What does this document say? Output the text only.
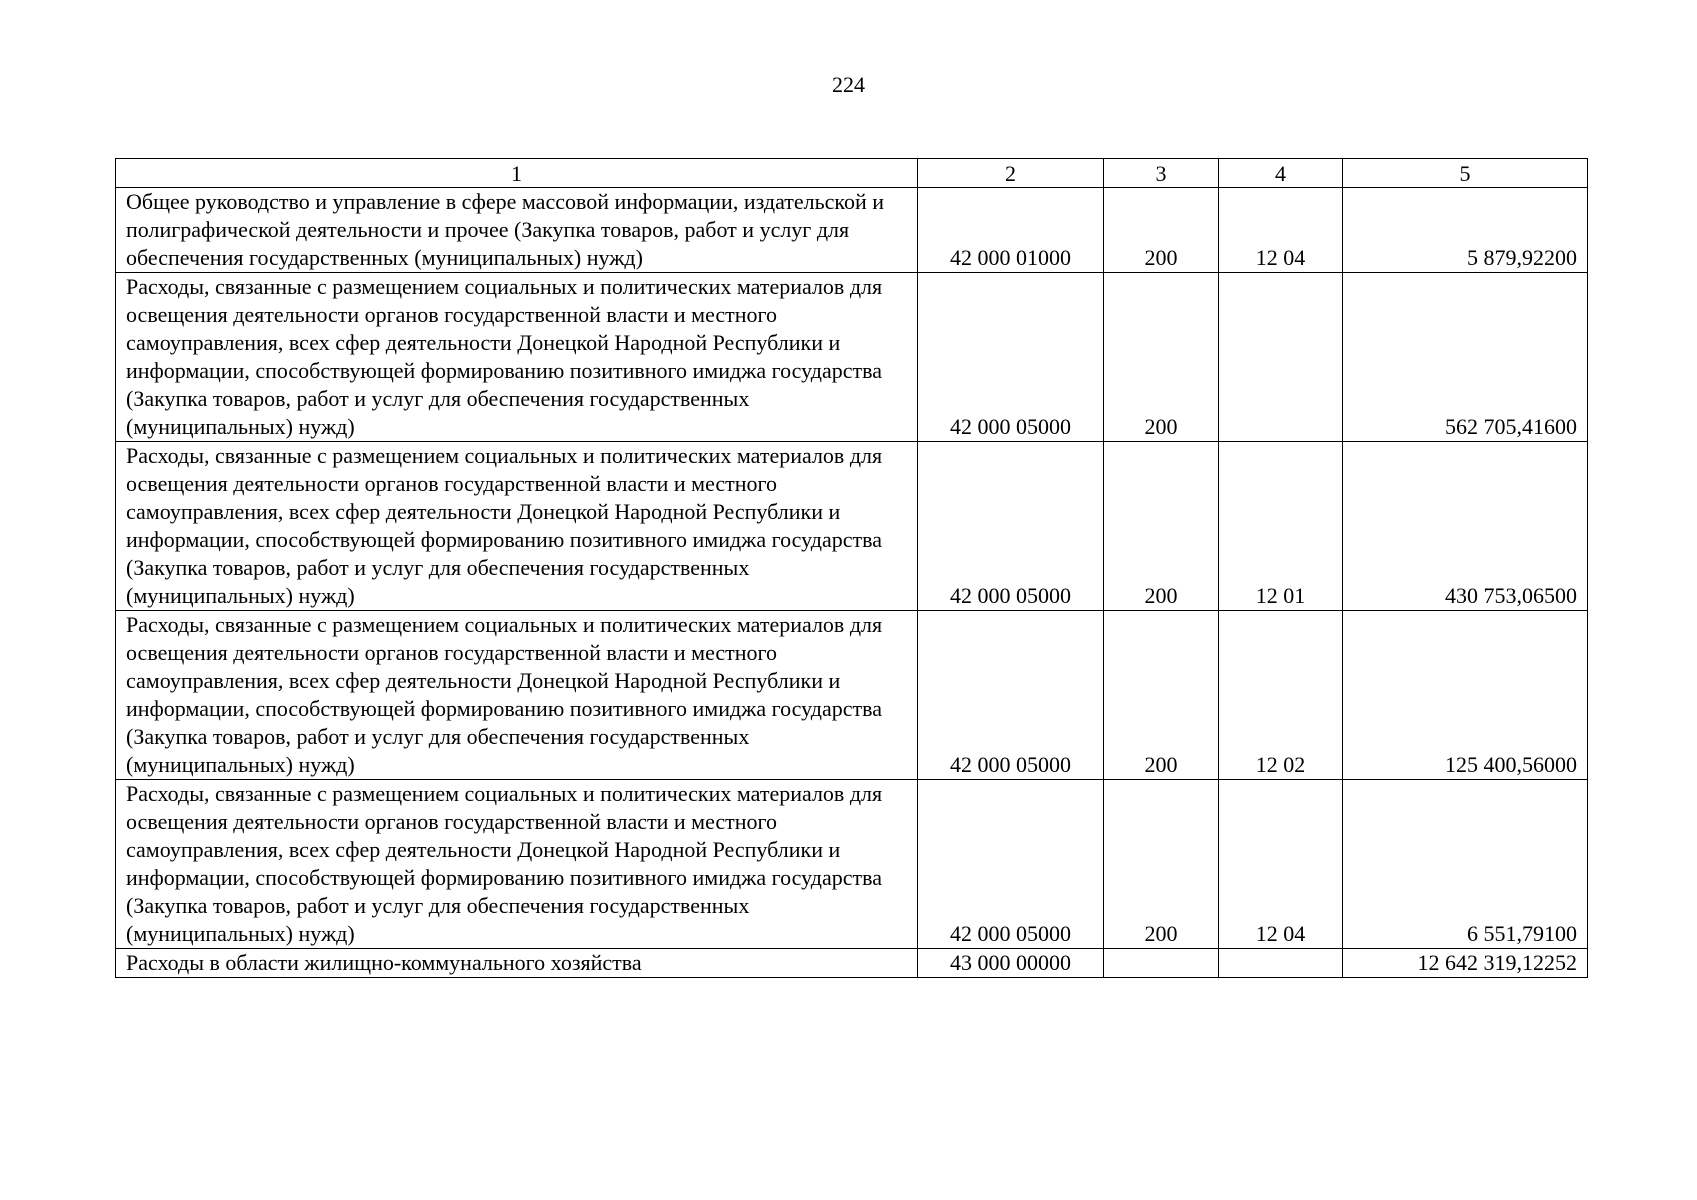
224
1	2	3	4	5
Общее руководство и управление в сфере массовой информации, издательской и полиграфической деятельности и прочее (Закупка товаров, работ и услуг для обеспечения государственных (муниципальных) нужд)	42 000 01000	200	12 04	5 879,92200
Расходы, связанные с размещением социальных и политических материалов для освещения деятельности органов государственной власти и местного самоуправления, всех сфер деятельности Донецкой Народной Республики и информации, способствующей формированию позитивного имиджа государства (Закупка товаров, работ и услуг для обеспечения государственных (муниципальных) нужд)	42 000 05000	200		562 705,41600
Расходы, связанные с размещением социальных и политических материалов для освещения деятельности органов государственной власти и местного самоуправления, всех сфер деятельности Донецкой Народной Республики и информации, способствующей формированию позитивного имиджа государства (Закупка товаров, работ и услуг для обеспечения государственных (муниципальных) нужд)	42 000 05000	200	12 01	430 753,06500
Расходы, связанные с размещением социальных и политических материалов для освещения деятельности органов государственной власти и местного самоуправления, всех сфер деятельности Донецкой Народной Республики и информации, способствующей формированию позитивного имиджа государства (Закупка товаров, работ и услуг для обеспечения государственных (муниципальных) нужд)	42 000 05000	200	12 02	125 400,56000
Расходы, связанные с размещением социальных и политических материалов для освещения деятельности органов государственной власти и местного самоуправления, всех сфер деятельности Донецкой Народной Республики и информации, способствующей формированию позитивного имиджа государства (Закупка товаров, работ и услуг для обеспечения государственных (муниципальных) нужд)	42 000 05000	200	12 04	6 551,79100
Расходы в области жилищно-коммунального хозяйства	43 000 00000			12 642 319,12252
